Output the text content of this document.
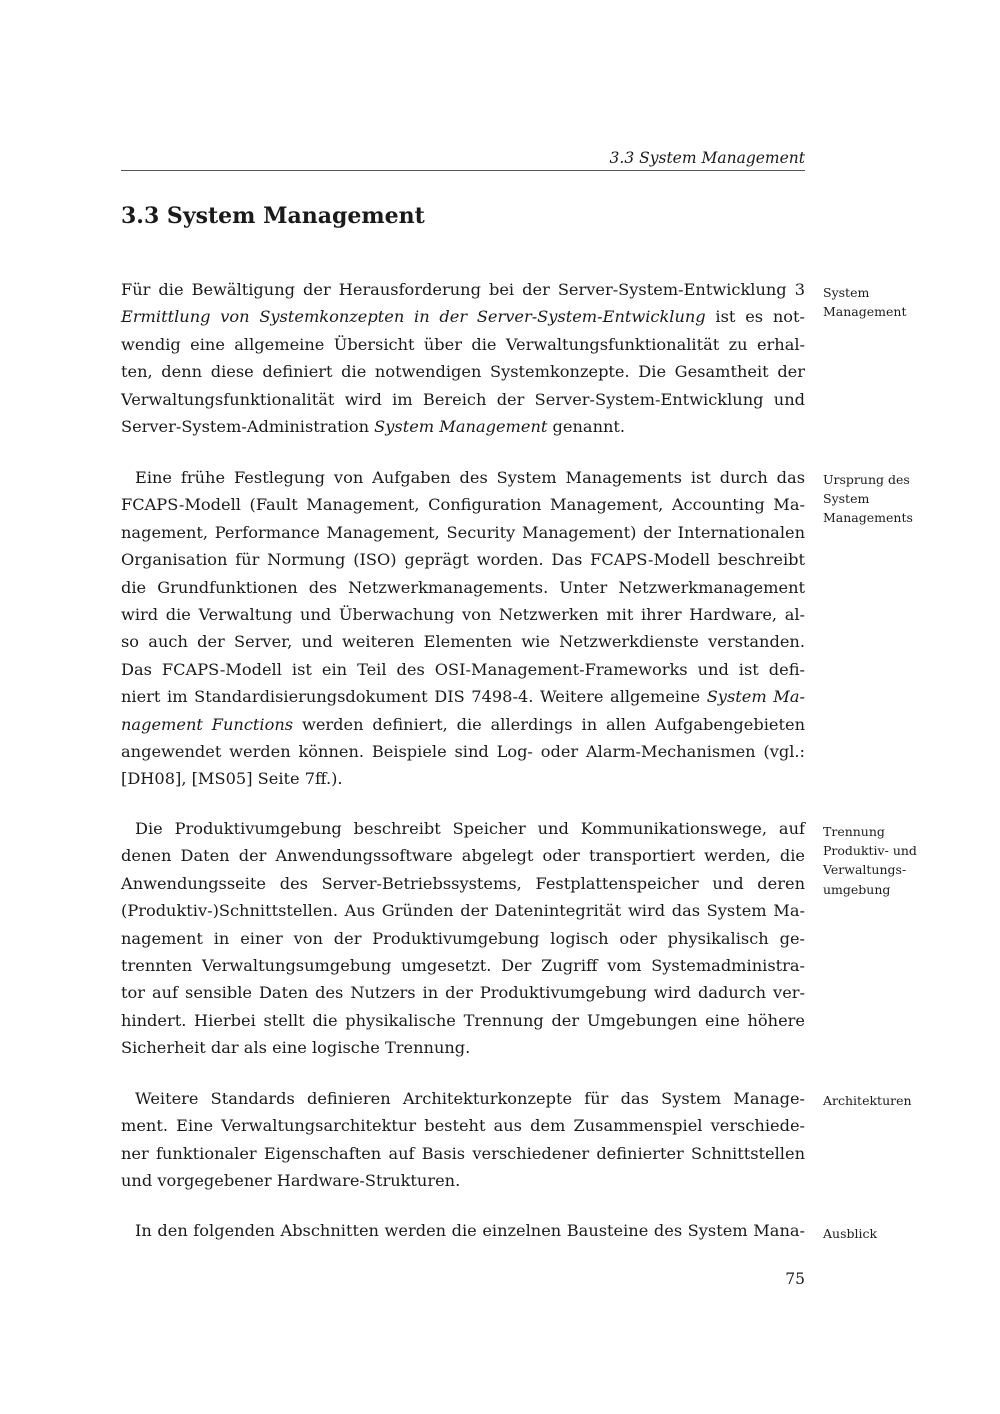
3.3 System Management
3.3 System Management

Für die Bewältigung der Herausforderung bei der Server-System-Entwicklung 3
Ermittlung von Systemkonzepten in der Server-System-Entwicklung ist es not-
wendig eine allgemeine Übersicht über die Verwaltungsfunktionalität zu erhal-
ten, denn diese definiert die notwendigen Systemkonzepte. Die Gesamtheit der
Verwaltungsfunktionalität wird im Bereich der Server-System-Entwicklung und
Server-System-Administration System Management genannt.

Eine frühe Festlegung von Aufgaben des System Managements ist durch das
FCAPS-Modell (Fault Management, Configuration Management, Accounting Ma-
nagement, Performance Management, Security Management) der Internationalen
Organisation für Normung (ISO) geprägt worden. Das FCAPS-Modell beschreibt
die Grundfunktionen des Netzwerkmanagements. Unter Netzwerkmanagement
wird die Verwaltung und Überwachung von Netzwerken mit ihrer Hardware, al-
so auch der Server, und weiteren Elementen wie Netzwerkdienste verstanden.
Das FCAPS-Modell ist ein Teil des OSI-Management-Frameworks und ist defi-
niert im Standardisierungsdokument DIS 7498-4. Weitere allgemeine System Ma-
nagement Functions werden definiert, die allerdings in allen Aufgabengebieten
angewendet werden können. Beispiele sind Log- oder Alarm-Mechanismen (vgl.:
[DH08], [MS05] Seite 7ff.).

Die Produktivumgebung beschreibt Speicher und Kommunikationswege, auf
denen Daten der Anwendungssoftware abgelegt oder transportiert werden, die
Anwendungsseite des Server-Betriebssystems, Festplattenspeicher und deren
(Produktiv-)Schnittstellen. Aus Gründen der Datenintegrität wird das System Ma-
nagement in einer von der Produktivumgebung logisch oder physikalisch ge-
trennten Verwaltungsumgebung umgesetzt. Der Zugriff vom Systemadministra-
tor auf sensible Daten des Nutzers in der Produktivumgebung wird dadurch ver-
hindert. Hierbei stellt die physikalische Trennung der Umgebungen eine höhere
Sicherheit dar als eine logische Trennung.

Weitere Standards definieren Architekturkonzepte für das System Manage-
ment. Eine Verwaltungsarchitektur besteht aus dem Zusammenspiel verschiede-
ner funktionaler Eigenschaften auf Basis verschiedener definierter Schnittstellen
und vorgegebener Hardware-Strukturen.

In den folgenden Abschnitten werden die einzelnen Bausteine des System Mana-

System
Management
Ursprung des
System
Managements
Trennung
Produktiv- und
Verwaltungs-
umgebung
Architekturen
Ausblick
75
